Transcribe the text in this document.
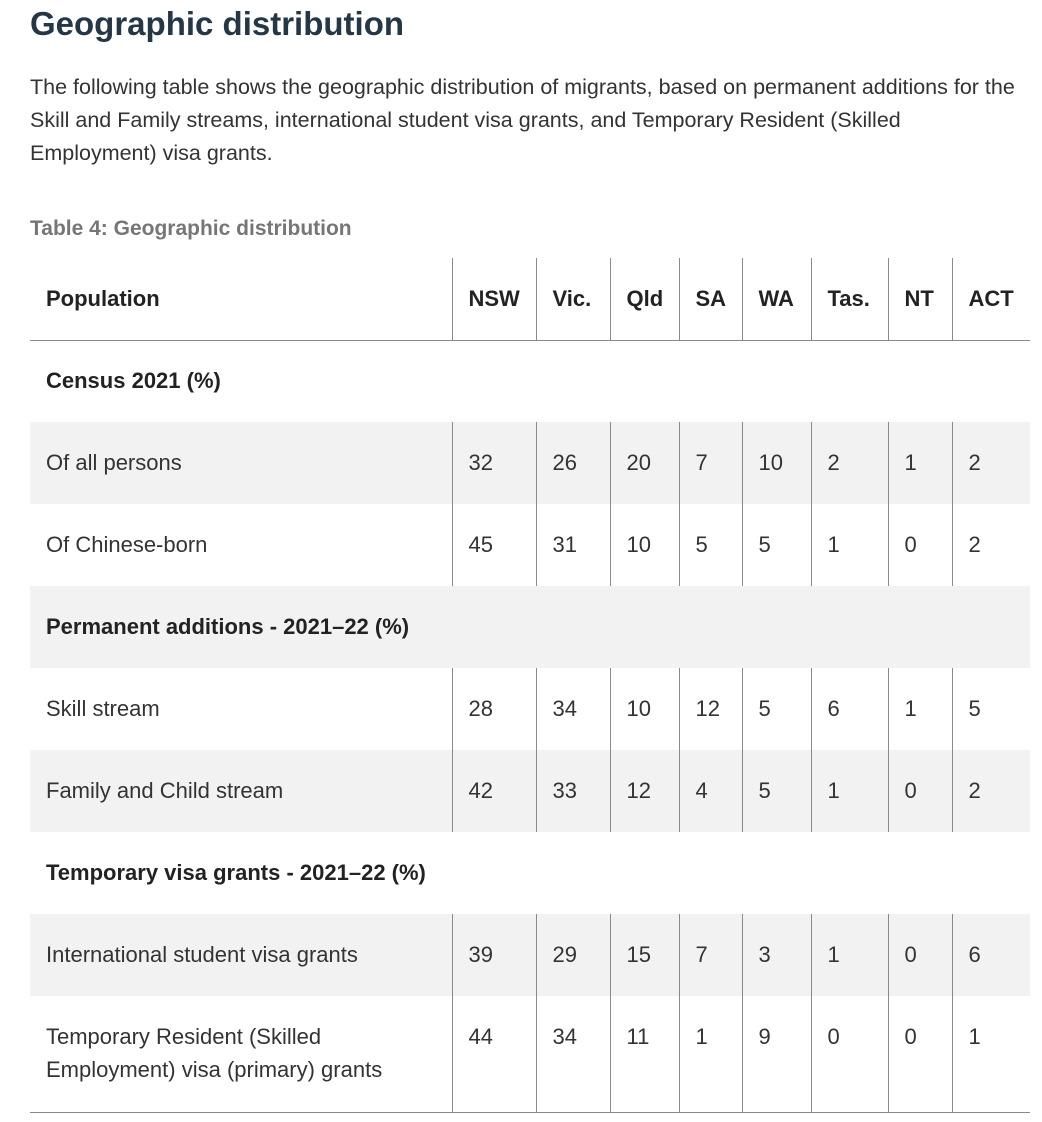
Geographic distribution

The following table shows the geographic distribution of migrants, based on permanent additions for the Skill and Family streams, international student visa grants, and Temporary Resident (Skilled Employment) visa grants.

Table 4: Geographic distribution

Population	NSW	Vic.	Qld	SA	WA	Tas.	NT	ACT
Census 2021 (%)								
Of all persons	32	26	20	7	10	2	1	2
Of Chinese-born	45	31	10	5	5	1	0	2
Permanent additions - 2021–22 (%)								
Skill stream	28	34	10	12	5	6	1	5
Family and Child stream	42	33	12	4	5	1	0	2
Temporary visa grants - 2021–22 (%)								
International student visa grants	39	29	15	7	3	1	0	6
Temporary Resident (Skilled Employment) visa (primary) grants	44	34	11	1	9	0	0	1
